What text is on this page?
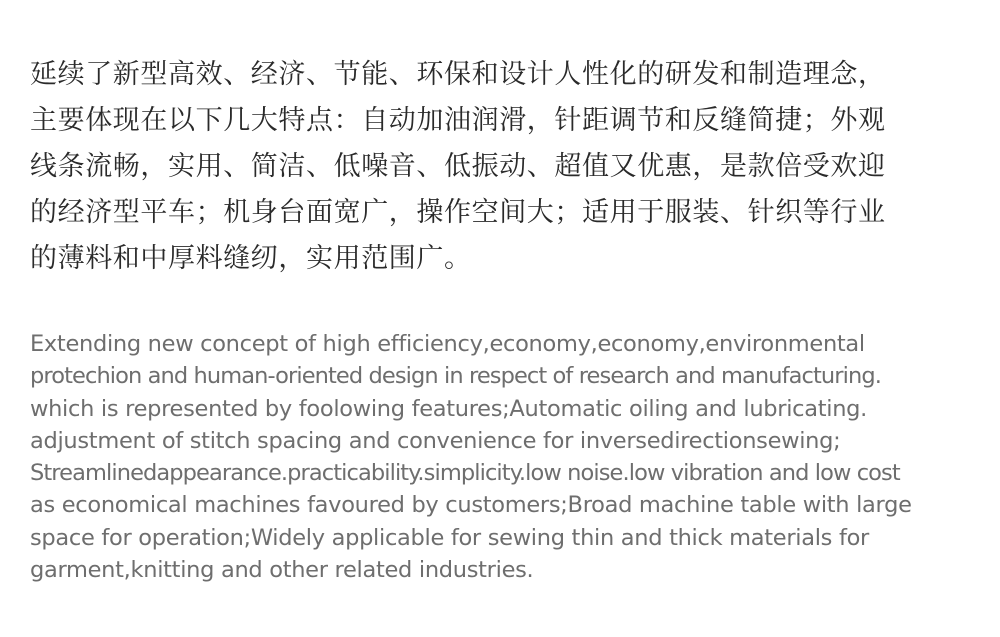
延续了新型高效、经济、节能、环保和设计人性化的研发和制造理念，
主要体现在以下几大特点：自动加油润滑，针距调节和反缝简捷；外观
线条流畅，实用、简洁、低噪音、低振动、超值又优惠，是款倍受欢迎
的经济型平车；机身台面宽广，操作空间大；适用于服装、针织等行业
的薄料和中厚料缝纫，实用范围广。
Extending new concept of high efficiency,economy,economy,environmental
protechion and human-oriented design in respect of research and manufacturing.
which is represented by foolowing features;Automatic oiling and lubricating.
adjustment of stitch spacing and convenience for inversedirectionsewing;
Streamlinedappearance.practicability.simplicity.low noise.low vibration and low cost
as economical machines favoured by customers;Broad machine table with large
space for operation;Widely applicable for sewing thin and thick materials for
garment,knitting and other related industries.
